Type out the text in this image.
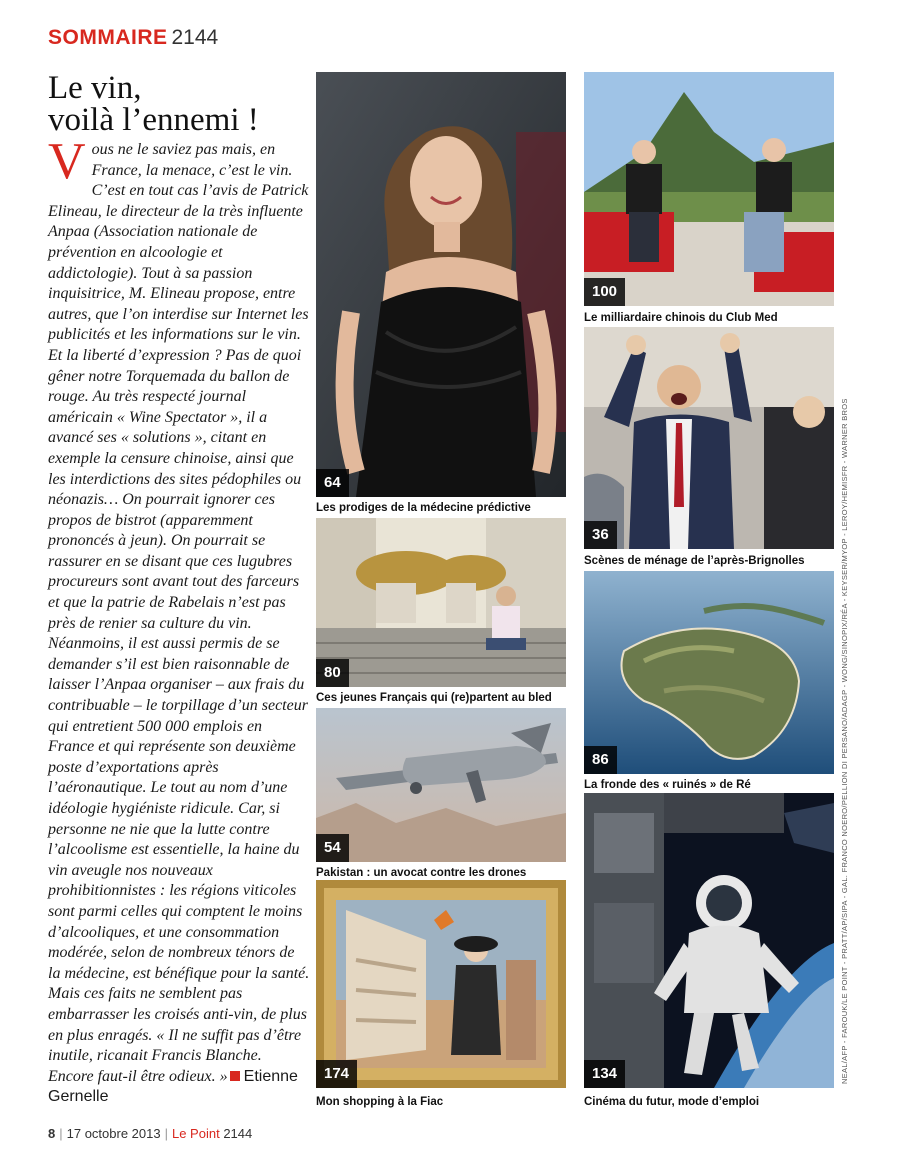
SOMMAIRE 2144
Le vin,
voilà l’ennemi !
Vous ne le saviez pas mais, en France, la menace, c’est le vin. C’est en tout cas l’avis de Patrick Elineau, le directeur de la très influente Anpaa (Association nationale de prévention en alcoologie et addictologie). Tout à sa passion inquisitrice, M. Elineau propose, entre autres, que l’on interdise sur Internet les publicités et les informations sur le vin. Et la liberté d’expression ? Pas de quoi gêner notre Torquemada du ballon de rouge. Au très respecté journal américain « Wine Spectator », il a avancé ses « solutions », citant en exemple la censure chinoise, ainsi que les interdictions des sites pédophiles ou néonazis… On pourrait ignorer ces propos de bistrot (apparemment prononcés à jeun). On pourrait se rassurer en se disant que ces lugubres procureurs sont avant tout des farceurs et que la patrie de Rabelais n’est pas près de renier sa culture du vin. Néanmoins, il est aussi permis de se demander s’il est bien raisonnable de laisser l’Anpaa organiser – aux frais du contribuable – le torpillage d’un secteur qui entretient 500 000 emplois en France et qui représente son deuxième poste d’exportations après l’aéronautique. Le tout au nom d’une idéologie hygiéniste ridicule. Car, si personne ne nie que la lutte contre l’alcoolisme est essentielle, la haine du vin aveugle nos nouveaux prohibitionnistes : les régions viticoles sont parmi celles qui comptent le moins d’alcooliques, et une consommation modérée, selon de nombreux ténors de la médecine, est bénéfique pour la santé. Mais ces faits ne semblent pas embarrasser les croisés anti-vin, de plus en plus enragés. « Il ne suffit pas d’être inutile, ricanait Francis Blanche. Encore faut-il être odieux. » Etienne Gernelle
64
Les prodiges de la médecine prédictive
100
Le milliardaire chinois du Club Med
36
Scènes de ménage de l’après-Brignolles
80
Ces jeunes Français qui (re)partent au bled
86
La fronde des « ruinés » de Ré
54
Pakistan : un avocat contre les drones
174
Mon shopping à la Fiac
134
Cinéma du futur, mode d’emploi
NEAL/AFP - FAROUK/LE POINT - PRATT/AP/SIPA - GAL. FRANCO NOERO/PELLION DI PERSANO/ADAGP - WONG/SINOPIX/RÉA - KEYSER/MYOP - LEROY/HEMISFR - WARNER BROS
8 | 17 octobre 2013 | Le Point 2144
